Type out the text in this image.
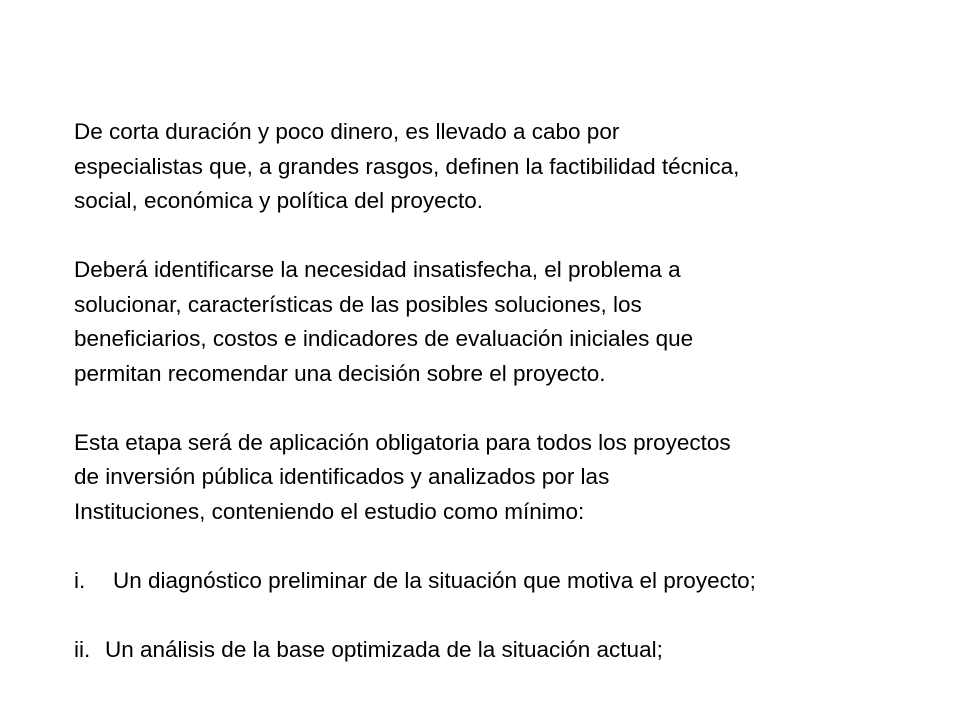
De corta duración y poco dinero, es llevado a cabo por
especialistas que, a grandes rasgos, definen la factibilidad técnica,
social, económica y política del proyecto.

Deberá identificarse la necesidad insatisfecha, el problema a
solucionar, características de las posibles soluciones, los
beneficiarios, costos e indicadores de evaluación iniciales que
permitan recomendar una decisión sobre el proyecto.

Esta etapa será de aplicación obligatoria para todos los proyectos
de inversión pública identificados y analizados por las
Instituciones, conteniendo el estudio como mínimo:

i. Un diagnóstico preliminar de la situación que motiva el proyecto;
ii. Un análisis de la base optimizada de la situación actual;
